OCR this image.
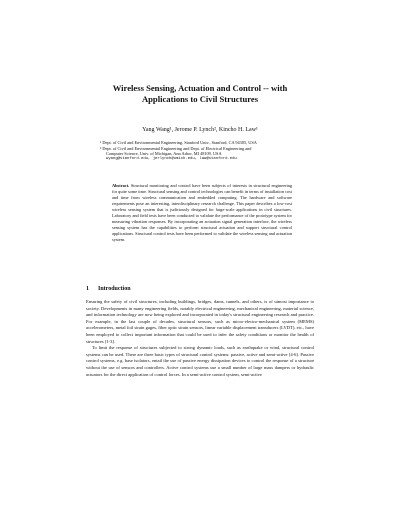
Wireless Sensing, Actuation and Control -- with
Applications to Civil Structures
Yang Wang¹, Jerome P. Lynch², Kincho H. Law¹
¹ Dept. of Civil and Environmental Engineering, Stanford Univ., Stanford, CA 94305, USA
² Dept. of Civil and Environmental Engineering and Dept. of Electrical Engineering and
Computer Science, Univ. of Michigan, Ann Arbor, MI 48109, USA
wyang@stanford.edu, jerlynch@umich.edu, law@stanford.edu
Abstract. Structural monitoring and control have been subjects of interests in structural engineering for quite some time. Structural sensing and control technologies can benefit in terms of installation cost and time from wireless communication and embedded computing. The hardware and software requirements pose an interesting, interdisciplinary research challenge. This paper describes a low-cost wireless sensing system that is judiciously designed for large-scale applications in civil structures. Laboratory and field tests have been conducted to validate the performance of the prototype system for measuring vibration responses. By incorporating an actuation signal generation interface, the wireless sensing system has the capabilities to perform structural actuation and support structural control applications. Structural control tests have been performed to validate the wireless sensing and actuation system.
1 Introduction

Ensuring the safety of civil structures, including buildings, bridges, dams, tunnels, and others, is of utmost importance to society. Developments in many engineering fields, notably electrical engineering, mechanical engineering, material science, and information technology are now being explored and incorporated in today's structural engineering research and practice. For example, in the last couple of decades, structural sensors, such as micro-electro-mechanical system (MEMS) accelerometers, metal foil strain gages, fiber optic strain sensors, linear variable displacement transducers (LVDT), etc., have been employed to collect important information that could be used to infer the safety conditions or monitor the health of structures [1-3].

To limit the response of structures subjected to strong dynamic loads, such as earthquake or wind, structural control systems can be used. There are three basic types of structural control systems: passive, active and semi-active [4-6]. Passive control systems, e.g. base isolators, entail the use of passive energy dissipation devices to control the response of a structure without the use of sensors and controllers. Active control systems use a small number of large mass dampers or hydraulic actuators for the direct application of control forces. In a semi-active control system, semi-active
